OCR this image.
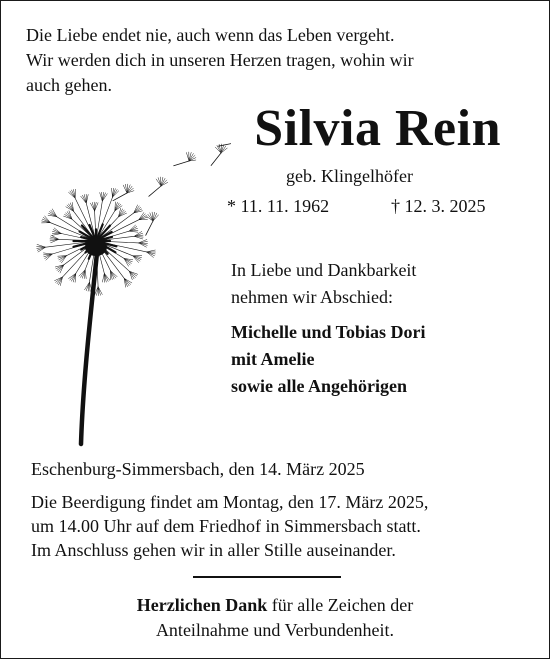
Die Liebe endet nie, auch wenn das Leben vergeht.
Wir werden dich in unseren Herzen tragen, wohin wir
auch gehen.

Silvia Rein
geb. Klingelhöfer
* 11. 11. 1962	† 12. 3. 2025

In Liebe und Dankbarkeit
nehmen wir Abschied:

Michelle und Tobias Dori
mit Amelie
sowie alle Angehörigen

Eschenburg-Simmersbach, den 14. März 2025

Die Beerdigung findet am Montag, den 17. März 2025,
um 14.00 Uhr auf dem Friedhof in Simmersbach statt.
Im Anschluss gehen wir in aller Stille auseinander.

Herzlichen Dank für alle Zeichen der
Anteilnahme und Verbundenheit.
